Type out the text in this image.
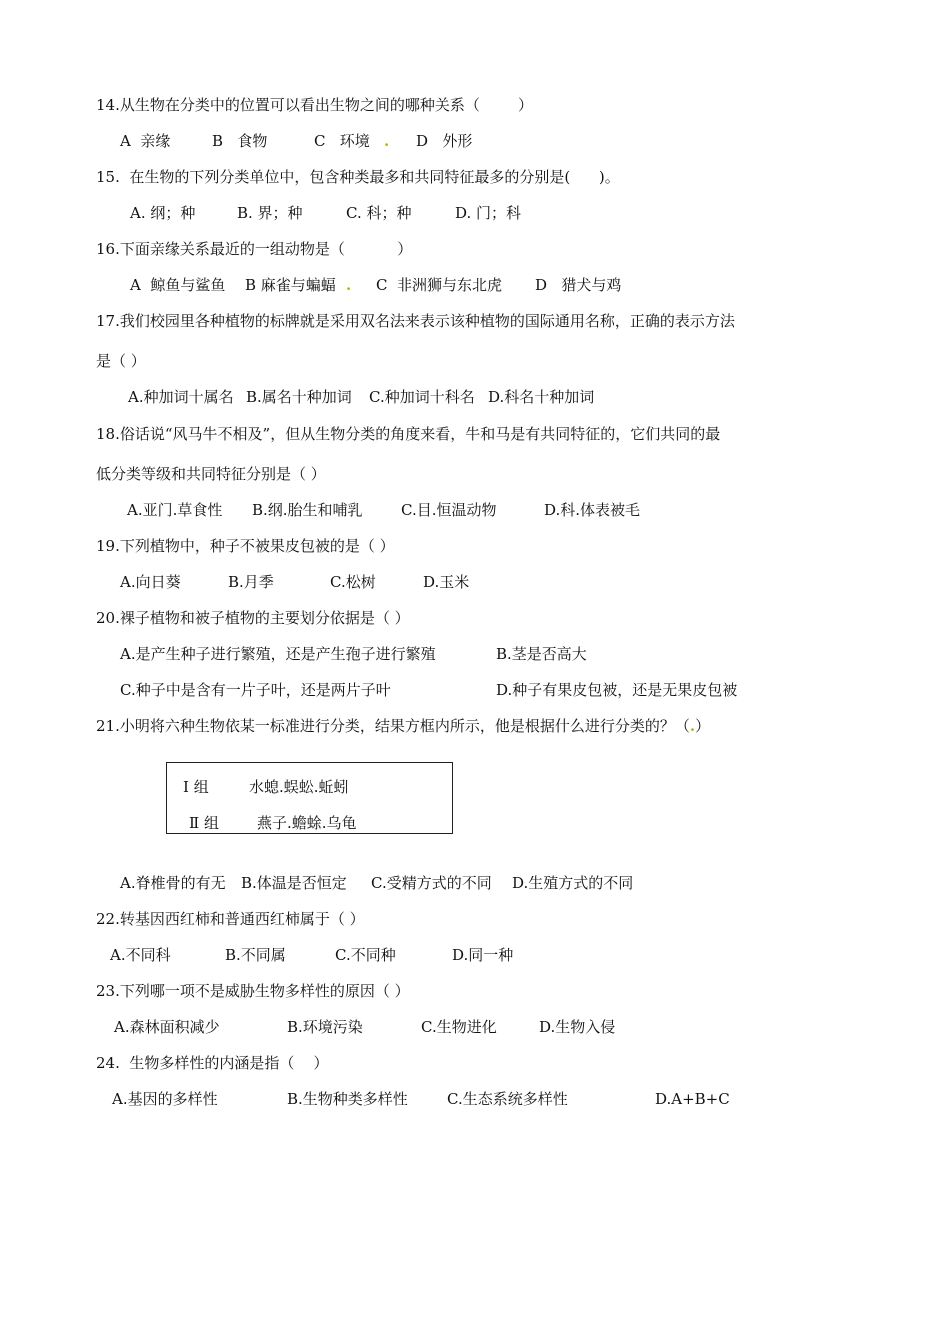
14.从生物在分类中的位置可以看出生物之间的哪种关系（        ）
A  亲缘	B   食物	C   环境 . D   外形
15.  在生物的下列分类单位中，包含种类最多和共同特征最多的分别是(      )。
A. 纲；种	B. 界；种	C. 科；种	D. 门；科
16.下面亲缘关系最近的一组动物是（           ）
A  鲸鱼与鲨鱼 B 麻雀与蝙蝠 . C  非洲狮与东北虎 D   猎犬与鸡
17.我们校园里各种植物的标牌就是采用双名法来表示该种植物的国际通用名称，正确的表示方法
是（ ）
A.种加词十属名 B.属名十种加词 C.种加词十科名 D.科名十种加词
18.俗话说“风马牛不相及”，但从生物分类的角度来看，牛和马是有共同特征的，它们共同的最
低分类等级和共同特征分别是（ ）
A.亚门.草食性 B.纲.胎生和哺乳	C.目.恒温动物	D.科.体表被毛
19.下列植物中，种子不被果皮包被的是（ ）
A.向日葵	B.月季	C.松树	D.玉米
20.裸子植物和被子植物的主要划分依据是（ ）
A.是产生种子进行繁殖，还是产生孢子进行繁殖	B.茎是否高大
C.种子中是含有一片子叶，还是两片子叶	D.种子有果皮包被，还是无果皮包被
21.小明将六种生物依某一标准进行分类，结果方框内所示，他是根据什么进行分类的？（.）
Ⅰ 组	水螅.蜈蚣.蚯蚓
Ⅱ 组	燕子.蟾蜍.乌龟
A.脊椎骨的有无 B.体温是否恒定 C.受精方式的不同 D.生殖方式的不同
22.转基因西红柿和普通西红柿属于（ ）
A.不同科	B.不同属	C.不同种	D.同一种
23.下列哪一项不是威胁生物多样性的原因（ ）
A.森林面积减少	B.环境污染	C.生物进化	D.生物入侵
24.  生物多样性的内涵是指（    ）
A.基因的多样性	B.生物种类多样性	C.生态系统多样性	D.A+B+C
